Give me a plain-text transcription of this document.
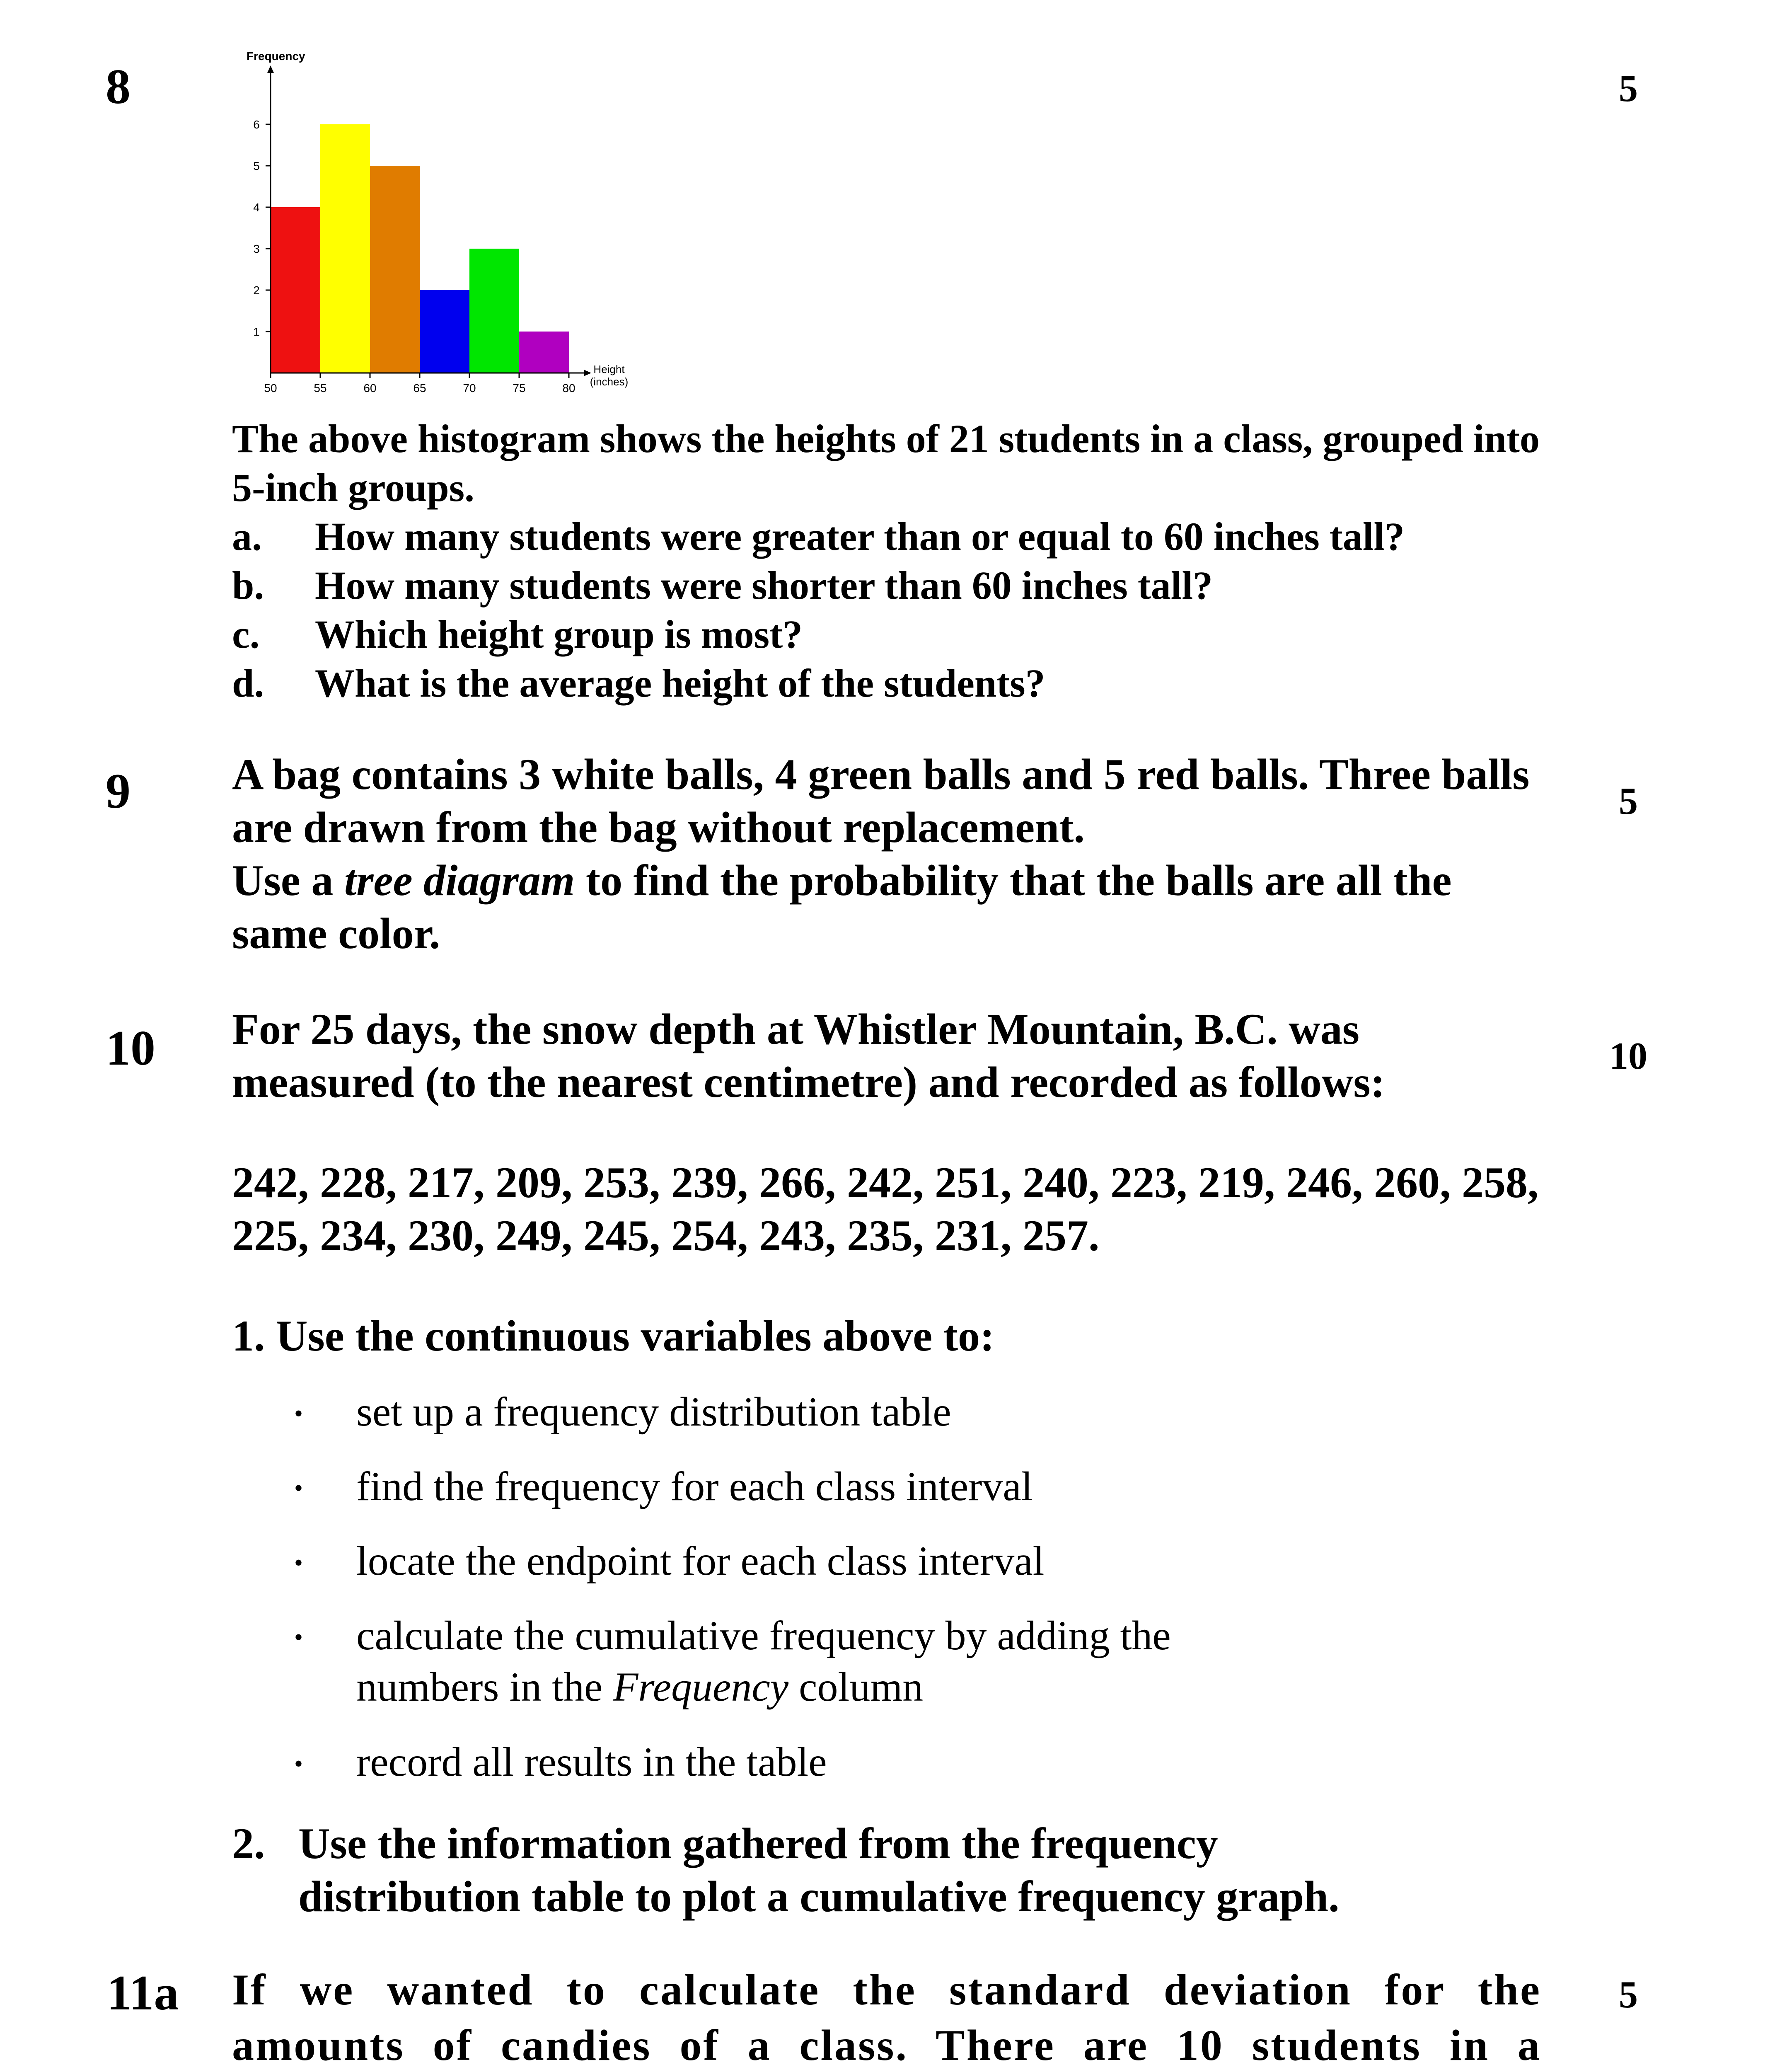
8	5
Frequency
1
2
3
4
5
6
50	55	60	65	70	75	80
Height
(inches)
The above histogram shows the heights of 21 students in a class, grouped into 5-inch groups.
a.	How many students were greater than or equal to 60 inches tall?
b.	How many students were shorter than 60 inches tall?
c.	Which height group is most?
d.	What is the average height of the students?
9	5
A bag contains 3 white balls, 4 green balls and 5 red balls. Three balls are drawn from the bag without replacement.
Use a tree diagram to find the probability that the balls are all the same color.
10	10
For 25 days, the snow depth at Whistler Mountain, B.C. was measured (to the nearest centimetre) and recorded as follows:
242, 228, 217, 209, 253, 239, 266, 242, 251, 240, 223, 219, 246, 260, 258, 225, 234, 230, 249, 245, 254, 243, 235, 231, 257.
1. Use the continuous variables above to:
• set up a frequency distribution table
• find the frequency for each class interval
• locate the endpoint for each class interval
• calculate the cumulative frequency by adding the
numbers in the Frequency column
• record all results in the table
2. Use the information gathered from the frequency distribution table to plot a cumulative frequency graph.
11a	5
If we wanted to calculate the standard deviation for the amounts of candies of a class. There are 10 students in a
